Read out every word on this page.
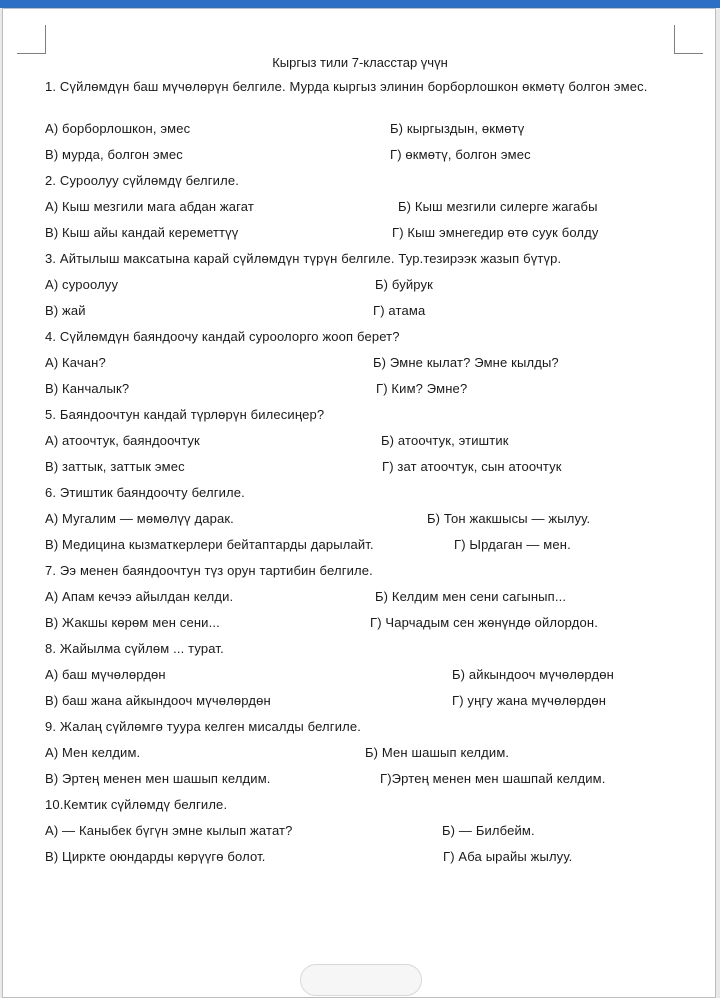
Кыргыз тили 7-класстар үчүн
1. Сүйлөмдүн баш мүчөлөрүн белгиле. Мурда кыргыз элинин борборлошкон өкмөтү болгон эмес.
А) борборлошкон, эмес	Б) кыргыздын, өкмөтү
В) мурда, болгон эмес	Г) өкмөтү, болгон эмес
2. Суроолуу сүйлөмдү белгиле.
А) Кыш мезгили мага абдан жагат	Б) Кыш мезгили силерге жагабы
В) Кыш айы кандай кереметтүү	Г) Кыш эмнегедир өтө суук болду
3. Айтылыш максатына карай сүйлөмдүн түрүн белгиле. Тур.тезирээк жазып бүтүр.
А) суроолуу	Б) буйрук
В) жай	Г) атама
4. Сүйлөмдүн баяндоочу кандай суроолорго жооп берет?
А) Качан?	Б) Эмне кылат? Эмне кылды?
В) Канчалык?	Г) Ким? Эмне?
5. Баяндоочтун кандай түрлөрүн билесиңер?
А) атоочтук, баяндоочтук	Б) атоочтук, этиштик
В) заттык, заттык эмес	Г) зат атоочтук, сын атоочтук
6. Этиштик баяндоочту белгиле.
А) Мугалим — мөмөлүү дарак.	Б) Тон жакшысы — жылуу.
В) Медицина кызматкерлери бейтаптарды дарылайт.	Г) Ырдаган — мен.
7. Ээ менен баяндоочтун түз орун тартибин белгиле.
А) Апам кечээ айылдан келди.	Б) Келдим мен сени сагынып...
В) Жакшы көрөм мен сени...	Г) Чарчадым сен жөнүндө ойлордон.
8. Жайылма сүйлөм ... турат.
А) баш мүчөлөрдөн	Б) айкындооч мүчөлөрдөн
В) баш жана айкындооч мүчөлөрдөн	Г) уңгу жана мүчөлөрдөн
9. Жалаң сүйлөмгө туура келген мисалды белгиле.
А) Мен келдим.	Б) Мен шашып келдим.
В) Эртең менен мен шашып келдим.	Г)Эртең менен мен шашпай келдим.
10.Кемтик сүйлөмдү белгиле.
А) — Каныбек бүгүн эмне кылып жатат?	Б) — Билбейм.
В) Циркте оюндарды көрүүгө болот.	Г) Аба ырайы жылуу.
